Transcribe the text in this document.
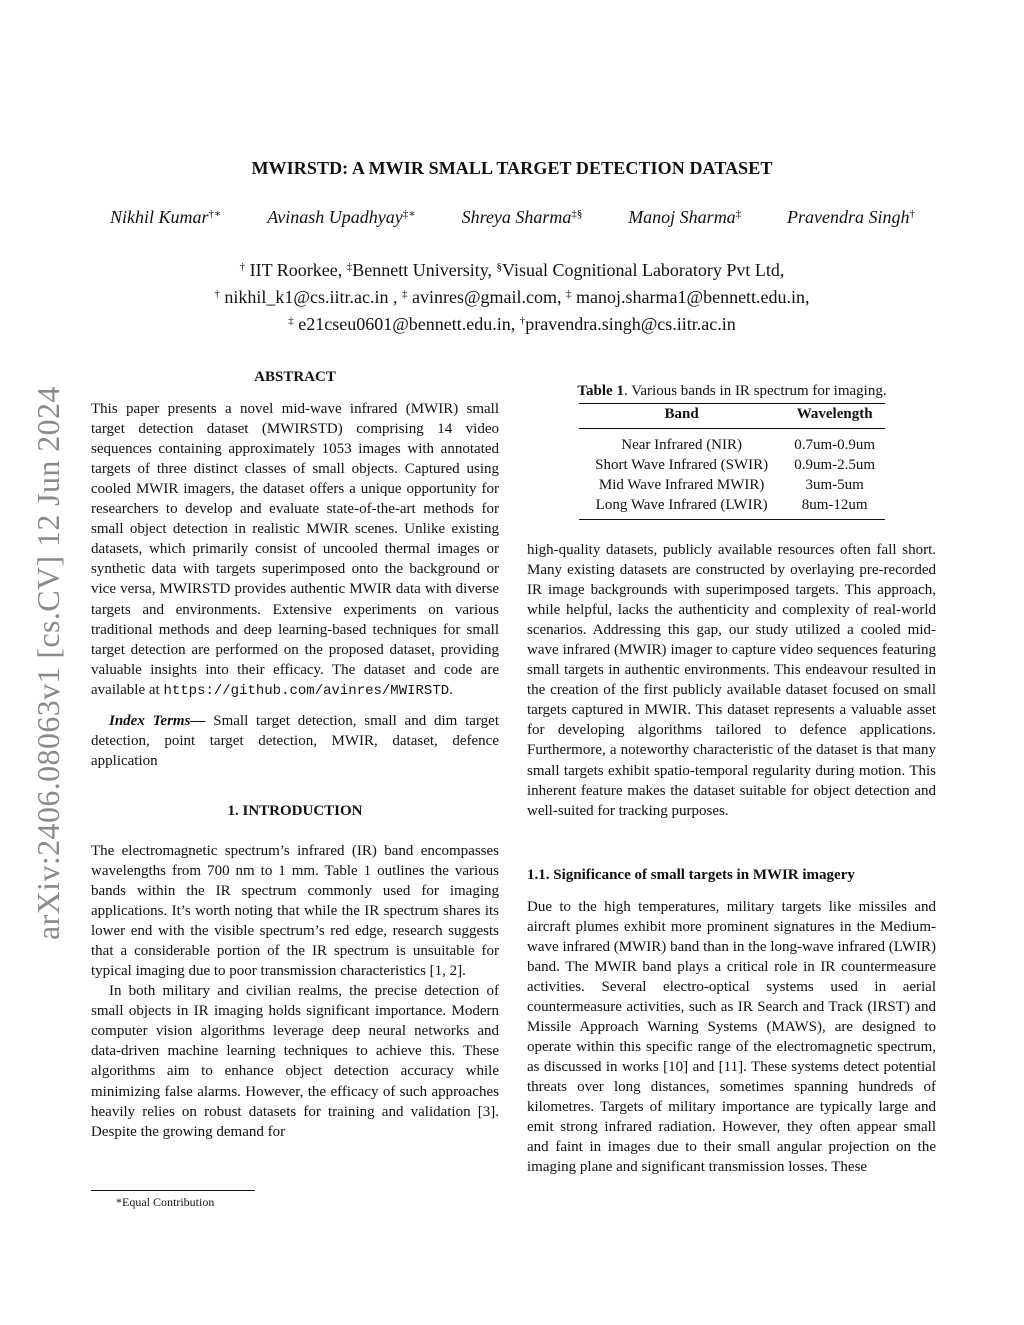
MWIRSTD: A MWIR SMALL TARGET DETECTION DATASET
Nikhil Kumar†∗	Avinash Upadhyay‡∗	Shreya Sharma‡§	Manoj Sharma‡	Pravendra Singh†
† IIT Roorkee, ‡Bennett University, §Visual Cognitional Laboratory Pvt Ltd,
† nikhil_k1@cs.iitr.ac.in , ‡ avinres@gmail.com, ‡ manoj.sharma1@bennett.edu.in,
‡ e21cseu0601@bennett.edu.in, †pravendra.singh@cs.iitr.ac.in
arXiv:2406.08063v1 [cs.CV] 12 Jun 2024

ABSTRACT

This paper presents a novel mid-wave infrared (MWIR) small target detection dataset (MWIRSTD) comprising 14 video sequences containing approximately 1053 images with annotated targets of three distinct classes of small objects. Captured using cooled MWIR imagers, the dataset offers a unique opportunity for researchers to develop and evaluate state-of-the-art methods for small object detection in realistic MWIR scenes. Unlike existing datasets, which primarily consist of uncooled thermal images or synthetic data with targets superimposed onto the background or vice versa, MWIRSTD provides authentic MWIR data with diverse targets and environments. Extensive experiments on various traditional methods and deep learning-based techniques for small target detection are performed on the proposed dataset, providing valuable insights into their efficacy. The dataset and code are available at https://github.com/avinres/MWIRSTD.

Index Terms— Small target detection, small and dim target detection, point target detection, MWIR, dataset, defence application

1. INTRODUCTION

The electromagnetic spectrum’s infrared (IR) band encompasses wavelengths from 700 nm to 1 mm. Table 1 outlines the various bands within the IR spectrum commonly used for imaging applications. It’s worth noting that while the IR spectrum shares its lower end with the visible spectrum’s red edge, research suggests that a considerable portion of the IR spectrum is unsuitable for typical imaging due to poor transmission characteristics [1, 2].

In both military and civilian realms, the precise detection of small objects in IR imaging holds significant importance. Modern computer vision algorithms leverage deep neural networks and data-driven machine learning techniques to achieve this. These algorithms aim to enhance object detection accuracy while minimizing false alarms. However, the efficacy of such approaches heavily relies on robust datasets for training and validation [3]. Despite the growing demand for

Table 1. Various bands in IR spectrum for imaging.
Band	Wavelength
Near Infrared (NIR)	0.7um-0.9um
Short Wave Infrared (SWIR)	0.9um-2.5um
Mid Wave Infrared MWIR)	3um-5um
Long Wave Infrared (LWIR)	8um-12um

high-quality datasets, publicly available resources often fall short. Many existing datasets are constructed by overlaying pre-recorded IR image backgrounds with superimposed targets. This approach, while helpful, lacks the authenticity and complexity of real-world scenarios. Addressing this gap, our study utilized a cooled mid-wave infrared (MWIR) imager to capture video sequences featuring small targets in authentic environments. This endeavour resulted in the creation of the first publicly available dataset focused on small targets captured in MWIR. This dataset represents a valuable asset for developing algorithms tailored to defence applications. Furthermore, a noteworthy characteristic of the dataset is that many small targets exhibit spatio-temporal regularity during motion. This inherent feature makes the dataset suitable for object detection and well-suited for tracking purposes.

1.1. Significance of small targets in MWIR imagery

Due to the high temperatures, military targets like missiles and aircraft plumes exhibit more prominent signatures in the Medium-wave infrared (MWIR) band than in the long-wave infrared (LWIR) band. The MWIR band plays a critical role in IR countermeasure activities. Several electro-optical systems used in aerial countermeasure activities, such as IR Search and Track (IRST) and Missile Approach Warning Systems (MAWS), are designed to operate within this specific range of the electromagnetic spectrum, as discussed in works [10] and [11]. These systems detect potential threats over long distances, sometimes spanning hundreds of kilometres. Targets of military importance are typically large and emit strong infrared radiation. However, they often appear small and faint in images due to their small angular projection on the imaging plane and significant transmission losses. These

*Equal Contribution
